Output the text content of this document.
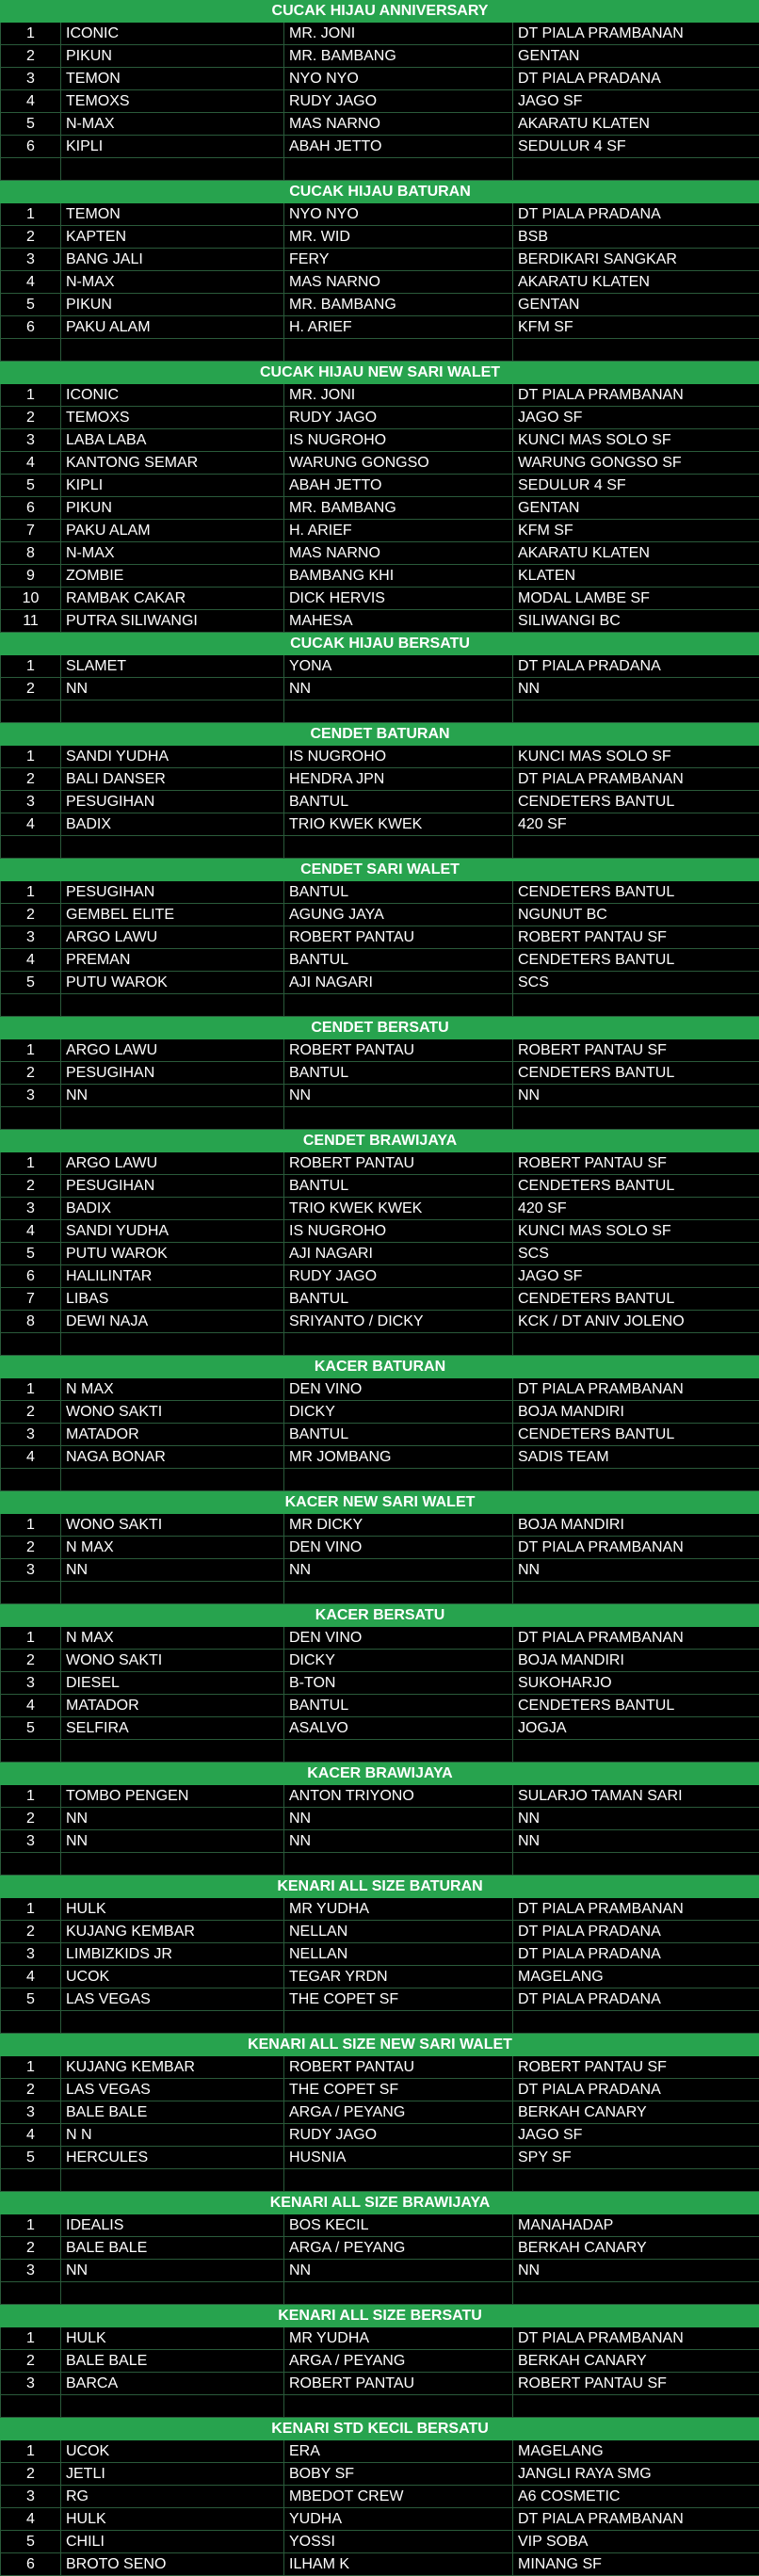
CUCAK HIJAU ANNIVERSARY			
1	ICONIC	MR. JONI	DT PIALA PRAMBANAN
2	PIKUN	MR. BAMBANG	GENTAN
3	TEMON	NYO NYO	DT PIALA PRADANA
4	TEMOXS	RUDY JAGO	JAGO SF
5	N-MAX	MAS NARNO	AKARATU KLATEN
6	KIPLI	ABAH JETTO	SEDULUR 4 SF

CUCAK HIJAU BATURAN			
1	TEMON	NYO NYO	DT PIALA PRADANA
2	KAPTEN	MR. WID	BSB
3	BANG JALI	FERY	BERDIKARI SANGKAR
4	N-MAX	MAS NARNO	AKARATU KLATEN
5	PIKUN	MR. BAMBANG	GENTAN
6	PAKU ALAM	H. ARIEF	KFM SF

CUCAK HIJAU NEW SARI WALET			
1	ICONIC	MR. JONI	DT PIALA PRAMBANAN
2	TEMOXS	RUDY JAGO	JAGO SF
3	LABA LABA	IS NUGROHO	KUNCI MAS SOLO SF
4	KANTONG SEMAR	WARUNG GONGSO	WARUNG GONGSO SF
5	KIPLI	ABAH JETTO	SEDULUR 4 SF
6	PIKUN	MR. BAMBANG	GENTAN
7	PAKU ALAM	H. ARIEF	KFM SF
8	N-MAX	MAS NARNO	AKARATU KLATEN
9	ZOMBIE	BAMBANG KHI	KLATEN
10	RAMBAK CAKAR	DICK HERVIS	MODAL LAMBE SF
11	PUTRA SILIWANGI	MAHESA	SILIWANGI BC
CUCAK HIJAU BERSATU			
1	SLAMET	YONA	DT PIALA PRADANA
2	NN	NN	NN

CENDET BATURAN			
1	SANDI YUDHA	IS NUGROHO	KUNCI MAS SOLO SF
2	BALI DANSER	HENDRA JPN	DT PIALA PRAMBANAN
3	PESUGIHAN	BANTUL	CENDETERS BANTUL
4	BADIX	TRIO KWEK KWEK	420 SF

CENDET SARI WALET			
1	PESUGIHAN	BANTUL	CENDETERS BANTUL
2	GEMBEL ELITE	AGUNG JAYA	NGUNUT BC
3	ARGO LAWU	ROBERT PANTAU	ROBERT PANTAU SF
4	PREMAN	BANTUL	CENDETERS BANTUL
5	PUTU WAROK	AJI NAGARI	SCS

CENDET BERSATU			
1	ARGO LAWU	ROBERT PANTAU	ROBERT PANTAU SF
2	PESUGIHAN	BANTUL	CENDETERS BANTUL
3	NN	NN	NN

CENDET BRAWIJAYA			
1	ARGO LAWU	ROBERT PANTAU	ROBERT PANTAU SF
2	PESUGIHAN	BANTUL	CENDETERS BANTUL
3	BADIX	TRIO KWEK KWEK	420 SF
4	SANDI YUDHA	IS NUGROHO	KUNCI MAS SOLO SF
5	PUTU WAROK	AJI NAGARI	SCS
6	HALILINTAR	RUDY JAGO	JAGO SF
7	LIBAS	BANTUL	CENDETERS BANTUL
8	DEWI NAJA	SRIYANTO / DICKY	KCK / DT ANIV JOLENO

KACER BATURAN			
1	N MAX	DEN VINO	DT PIALA PRAMBANAN
2	WONO SAKTI	DICKY	BOJA MANDIRI
3	MATADOR	BANTUL	CENDETERS BANTUL
4	NAGA BONAR	MR JOMBANG	SADIS TEAM

KACER NEW SARI WALET			
1	WONO SAKTI	MR DICKY	BOJA MANDIRI
2	N MAX	DEN VINO	DT PIALA PRAMBANAN
3	NN	NN	NN

KACER BERSATU			
1	N MAX	DEN VINO	DT PIALA PRAMBANAN
2	WONO SAKTI	DICKY	BOJA MANDIRI
3	DIESEL	B-TON	SUKOHARJO
4	MATADOR	BANTUL	CENDETERS BANTUL
5	SELFIRA	ASALVO	JOGJA

KACER BRAWIJAYA			
1	TOMBO PENGEN	ANTON TRIYONO	SULARJO TAMAN SARI
2	NN	NN	NN
3	NN	NN	NN

KENARI ALL SIZE BATURAN			
1	HULK	MR YUDHA	DT PIALA PRAMBANAN
2	KUJANG KEMBAR	NELLAN	DT PIALA PRADANA
3	LIMBIZKIDS JR	NELLAN	DT PIALA PRADANA
4	UCOK	TEGAR YRDN	MAGELANG
5	LAS VEGAS	THE COPET SF	DT PIALA PRADANA

KENARI ALL SIZE NEW SARI WALET			
1	KUJANG KEMBAR	ROBERT PANTAU	ROBERT PANTAU SF
2	LAS VEGAS	THE COPET SF	DT PIALA PRADANA
3	BALE BALE	ARGA / PEYANG	BERKAH CANARY
4	N N	RUDY JAGO	JAGO SF
5	HERCULES	HUSNIA	SPY SF

KENARI ALL SIZE BRAWIJAYA			
1	IDEALIS	BOS KECIL	MANAHADAP
2	BALE BALE	ARGA / PEYANG	BERKAH CANARY
3	NN	NN	NN

KENARI ALL SIZE BERSATU			
1	HULK	MR YUDHA	DT PIALA PRAMBANAN
2	BALE BALE	ARGA / PEYANG	BERKAH CANARY
3	BARCA	ROBERT PANTAU	ROBERT PANTAU SF

KENARI STD KECIL BERSATU			
1	UCOK	ERA	MAGELANG
2	JETLI	BOBY SF	JANGLI RAYA SMG
3	RG	MBEDOT CREW	A6 COSMETIC
4	HULK	YUDHA	DT PIALA PRAMBANAN
5	CHILI	YOSSI	VIP SOBA
6	BROTO SENO	ILHAM K	MINANG SF
